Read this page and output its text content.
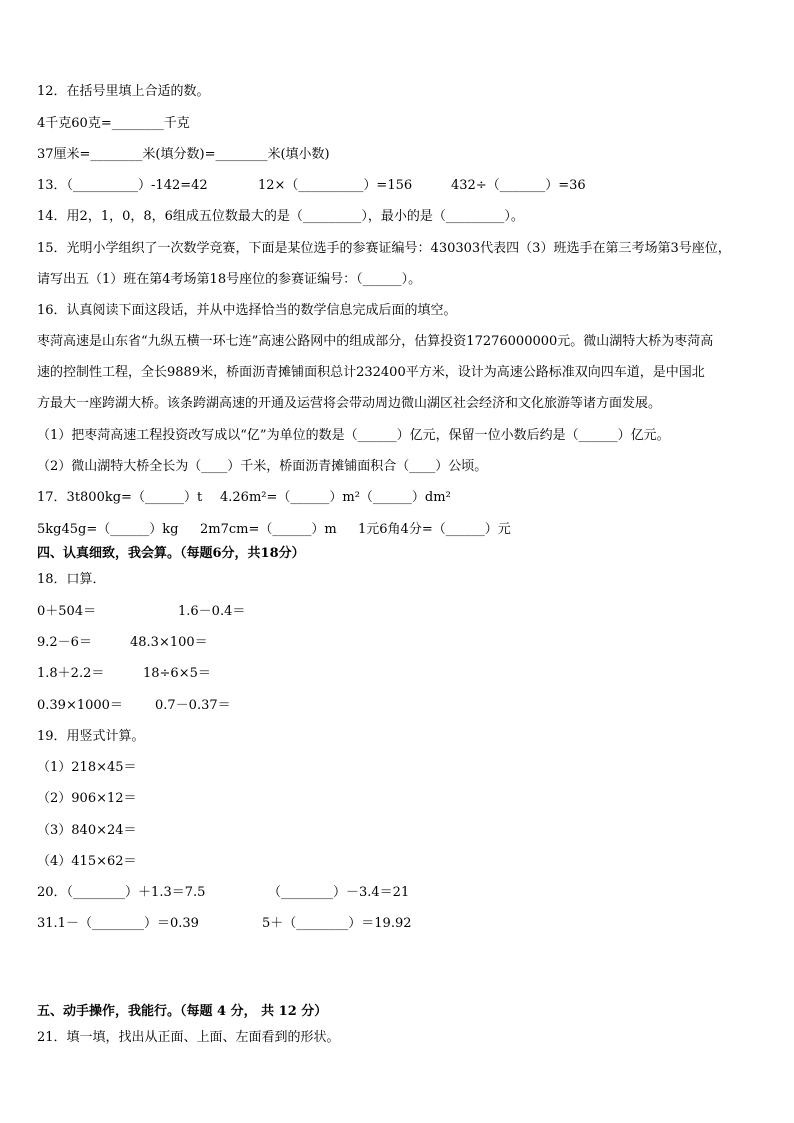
12．在括号里填上合适的数。
4千克60克=________千克
37厘米=________米(填分数)=________米(填小数)
13．（__________）-142=42	12×（__________）=156	432÷（_______）=36
14．用2，1，0，8，6组成五位数最大的是（_________），最小的是（_________）。
15．光明小学组织了一次数学竞赛，下面是某位选手的参赛证编号：430303代表四（3）班选手在第三考场第3号座位，
请写出五（1）班在第4考场第18号座位的参赛证编号：（______）。
16．认真阅读下面这段话，并从中选择恰当的数学信息完成后面的填空。
枣菏高速是山东省“九纵五横一环七连”高速公路网中的组成部分，估算投资17276000000元。微山湖特大桥为枣菏高
速的控制性工程，全长9889米，桥面沥青摊铺面积总计232400平方米，设计为高速公路标准双向四车道，是中国北
方最大一座跨湖大桥。该条跨湖高速的开通及运营将会带动周边微山湖区社会经济和文化旅游等诸方面发展。
（1）把枣菏高速工程投资改写成以“亿”为单位的数是（______）亿元，保留一位小数后约是（______）亿元。
（2）微山湖特大桥全长为（____）千米，桥面沥青摊铺面积合（____）公顷。
17．3t800kg=（______）t 4.26m²=（______）m²（______）dm²
5kg45g=（______）kg 2m7cm=（______）m 1元6角4分=（______）元
四、认真细致，我会算。（每题6分，共18分）
18．口算．
0＋504＝	1.6－0.4＝
9.2－6＝	48.3×100＝
1.8＋2.2＝	18÷6×5＝
0.39×1000＝ 0.7－0.37＝
19．用竖式计算。
（1）218×45＝
（2）906×12＝
（3）840×24＝
（4）415×62＝
20．（________）＋1.3＝7.5	（________）－3.4＝21
31.1－（________）＝0.39	5＋（________）＝19.92
五、动手操作，我能行。（每题 4 分， 共 12 分）
21．填一填，找出从正面、上面、左面看到的形状。
